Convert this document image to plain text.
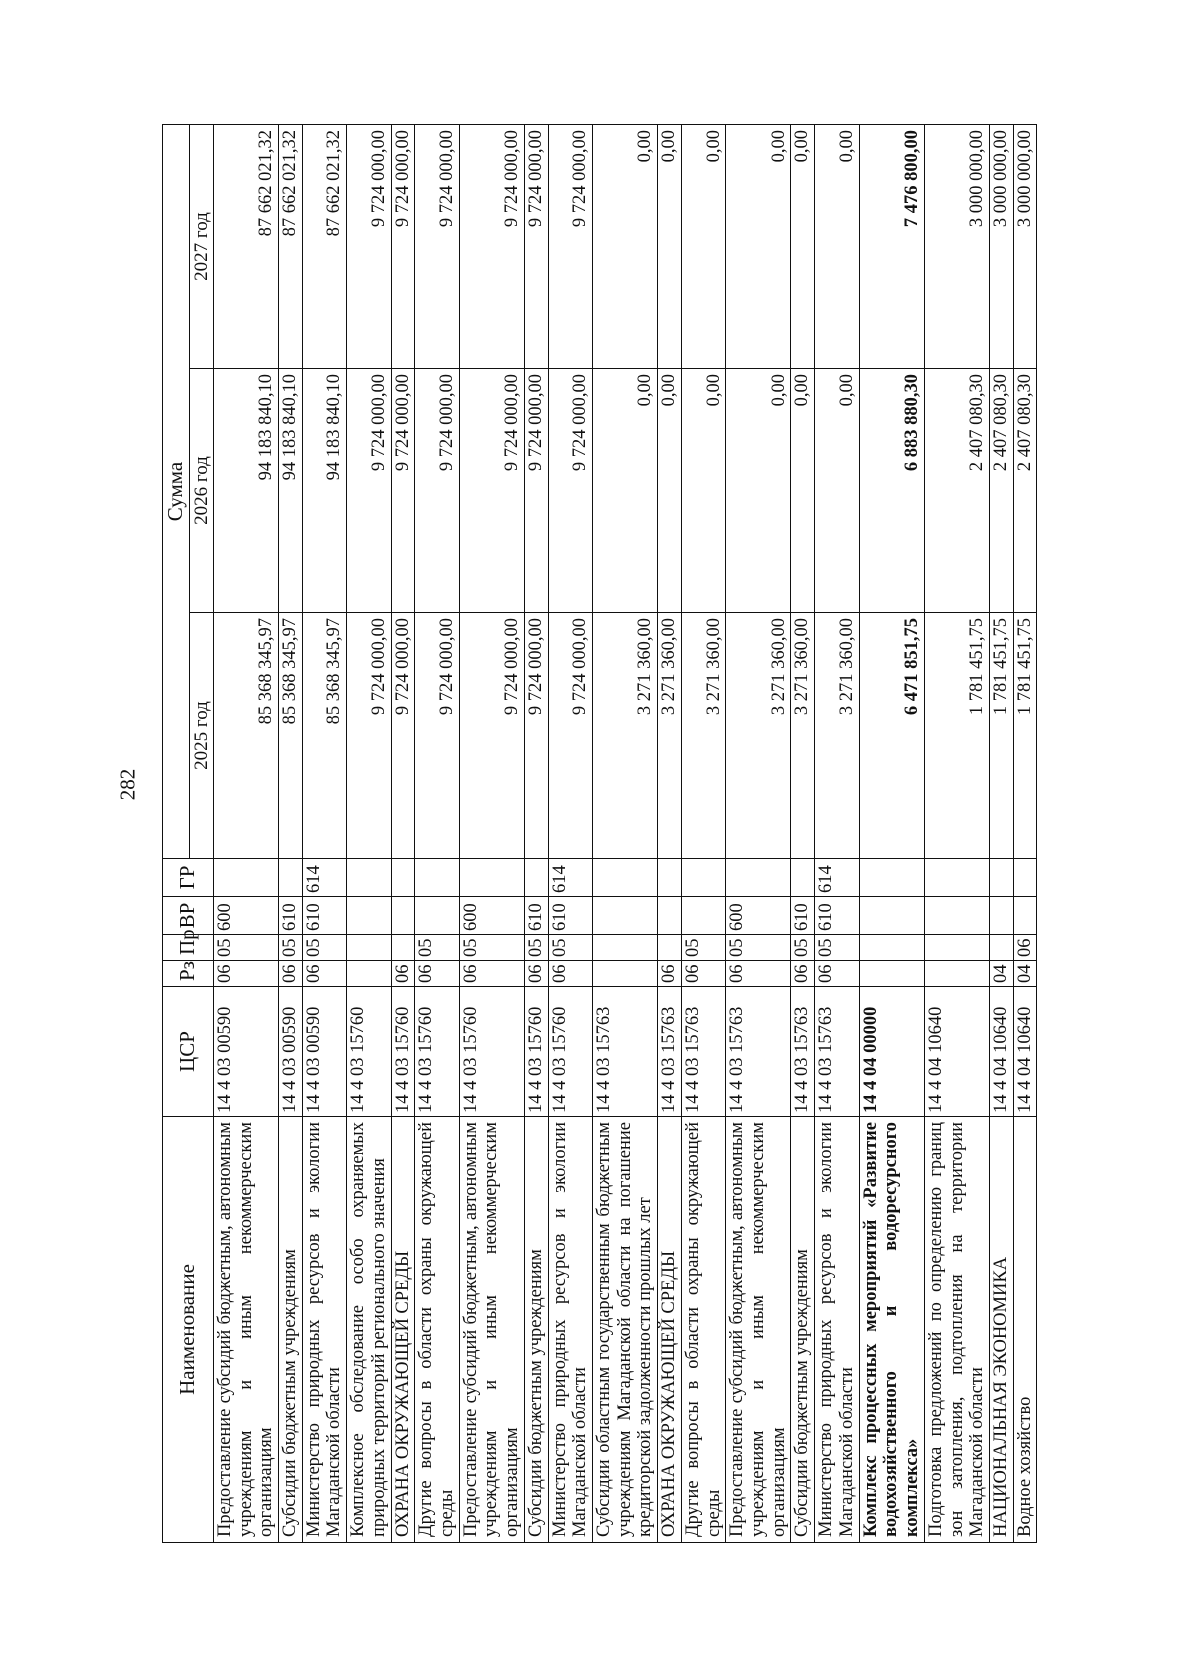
282
Наименование	ЦСР	Рз	Пр	ВР	ГР	Сумма		
						2025 год	2026 год	2027 год
Предоставление субсидий бюджетным, автономным учреждениям и иным некоммерческим организациям	14 4 03 00590	06	05	600		85 368 345,97	94 183 840,10	87 662 021,32
Субсидии бюджетным учреждениям	14 4 03 00590	06	05	610		85 368 345,97	94 183 840,10	87 662 021,32
Министерство природных ресурсов и экологии Магаданской области	14 4 03 00590	06	05	610	614	85 368 345,97	94 183 840,10	87 662 021,32
Комплексное обследование особо охраняемых природных территорий регионального значения	14 4 03 15760					9 724 000,00	9 724 000,00	9 724 000,00
ОХРАНА ОКРУЖАЮЩЕЙ СРЕДЫ	14 4 03 15760	06				9 724 000,00	9 724 000,00	9 724 000,00
Другие вопросы в области охраны окружающей среды	14 4 03 15760	06	05			9 724 000,00	9 724 000,00	9 724 000,00
Предоставление субсидий бюджетным, автономным учреждениям и иным некоммерческим организациям	14 4 03 15760	06	05	600		9 724 000,00	9 724 000,00	9 724 000,00
Субсидии бюджетным учреждениям	14 4 03 15760	06	05	610		9 724 000,00	9 724 000,00	9 724 000,00
Министерство природных ресурсов и экологии Магаданской области	14 4 03 15760	06	05	610	614	9 724 000,00	9 724 000,00	9 724 000,00
Субсидии областным государственным бюджетным учреждениям Магаданской области на погашение кредиторской задолженности прошлых лет	14 4 03 15763					3 271 360,00	0,00	0,00
ОХРАНА ОКРУЖАЮЩЕЙ СРЕДЫ	14 4 03 15763	06				3 271 360,00	0,00	0,00
Другие вопросы в области охраны окружающей среды	14 4 03 15763	06	05			3 271 360,00	0,00	0,00
Предоставление субсидий бюджетным, автономным учреждениям и иным некоммерческим организациям	14 4 03 15763	06	05	600		3 271 360,00	0,00	0,00
Субсидии бюджетным учреждениям	14 4 03 15763	06	05	610		3 271 360,00	0,00	0,00
Министерство природных ресурсов и экологии Магаданской области	14 4 03 15763	06	05	610	614	3 271 360,00	0,00	0,00
Комплекс процессных мероприятий «Развитие водохозяйственного и водоресурсного комплекса»	14 4 04 00000					6 471 851,75	6 883 880,30	7 476 800,00
Подготовка предложений по определению границ зон затопления, подтопления на территории Магаданской области	14 4 04 10640					1 781 451,75	2 407 080,30	3 000 000,00
НАЦИОНАЛЬНАЯ ЭКОНОМИКА	14 4 04 10640	04				1 781 451,75	2 407 080,30	3 000 000,00
Водное хозяйство	14 4 04 10640	04	06			1 781 451,75	2 407 080,30	3 000 000,00
